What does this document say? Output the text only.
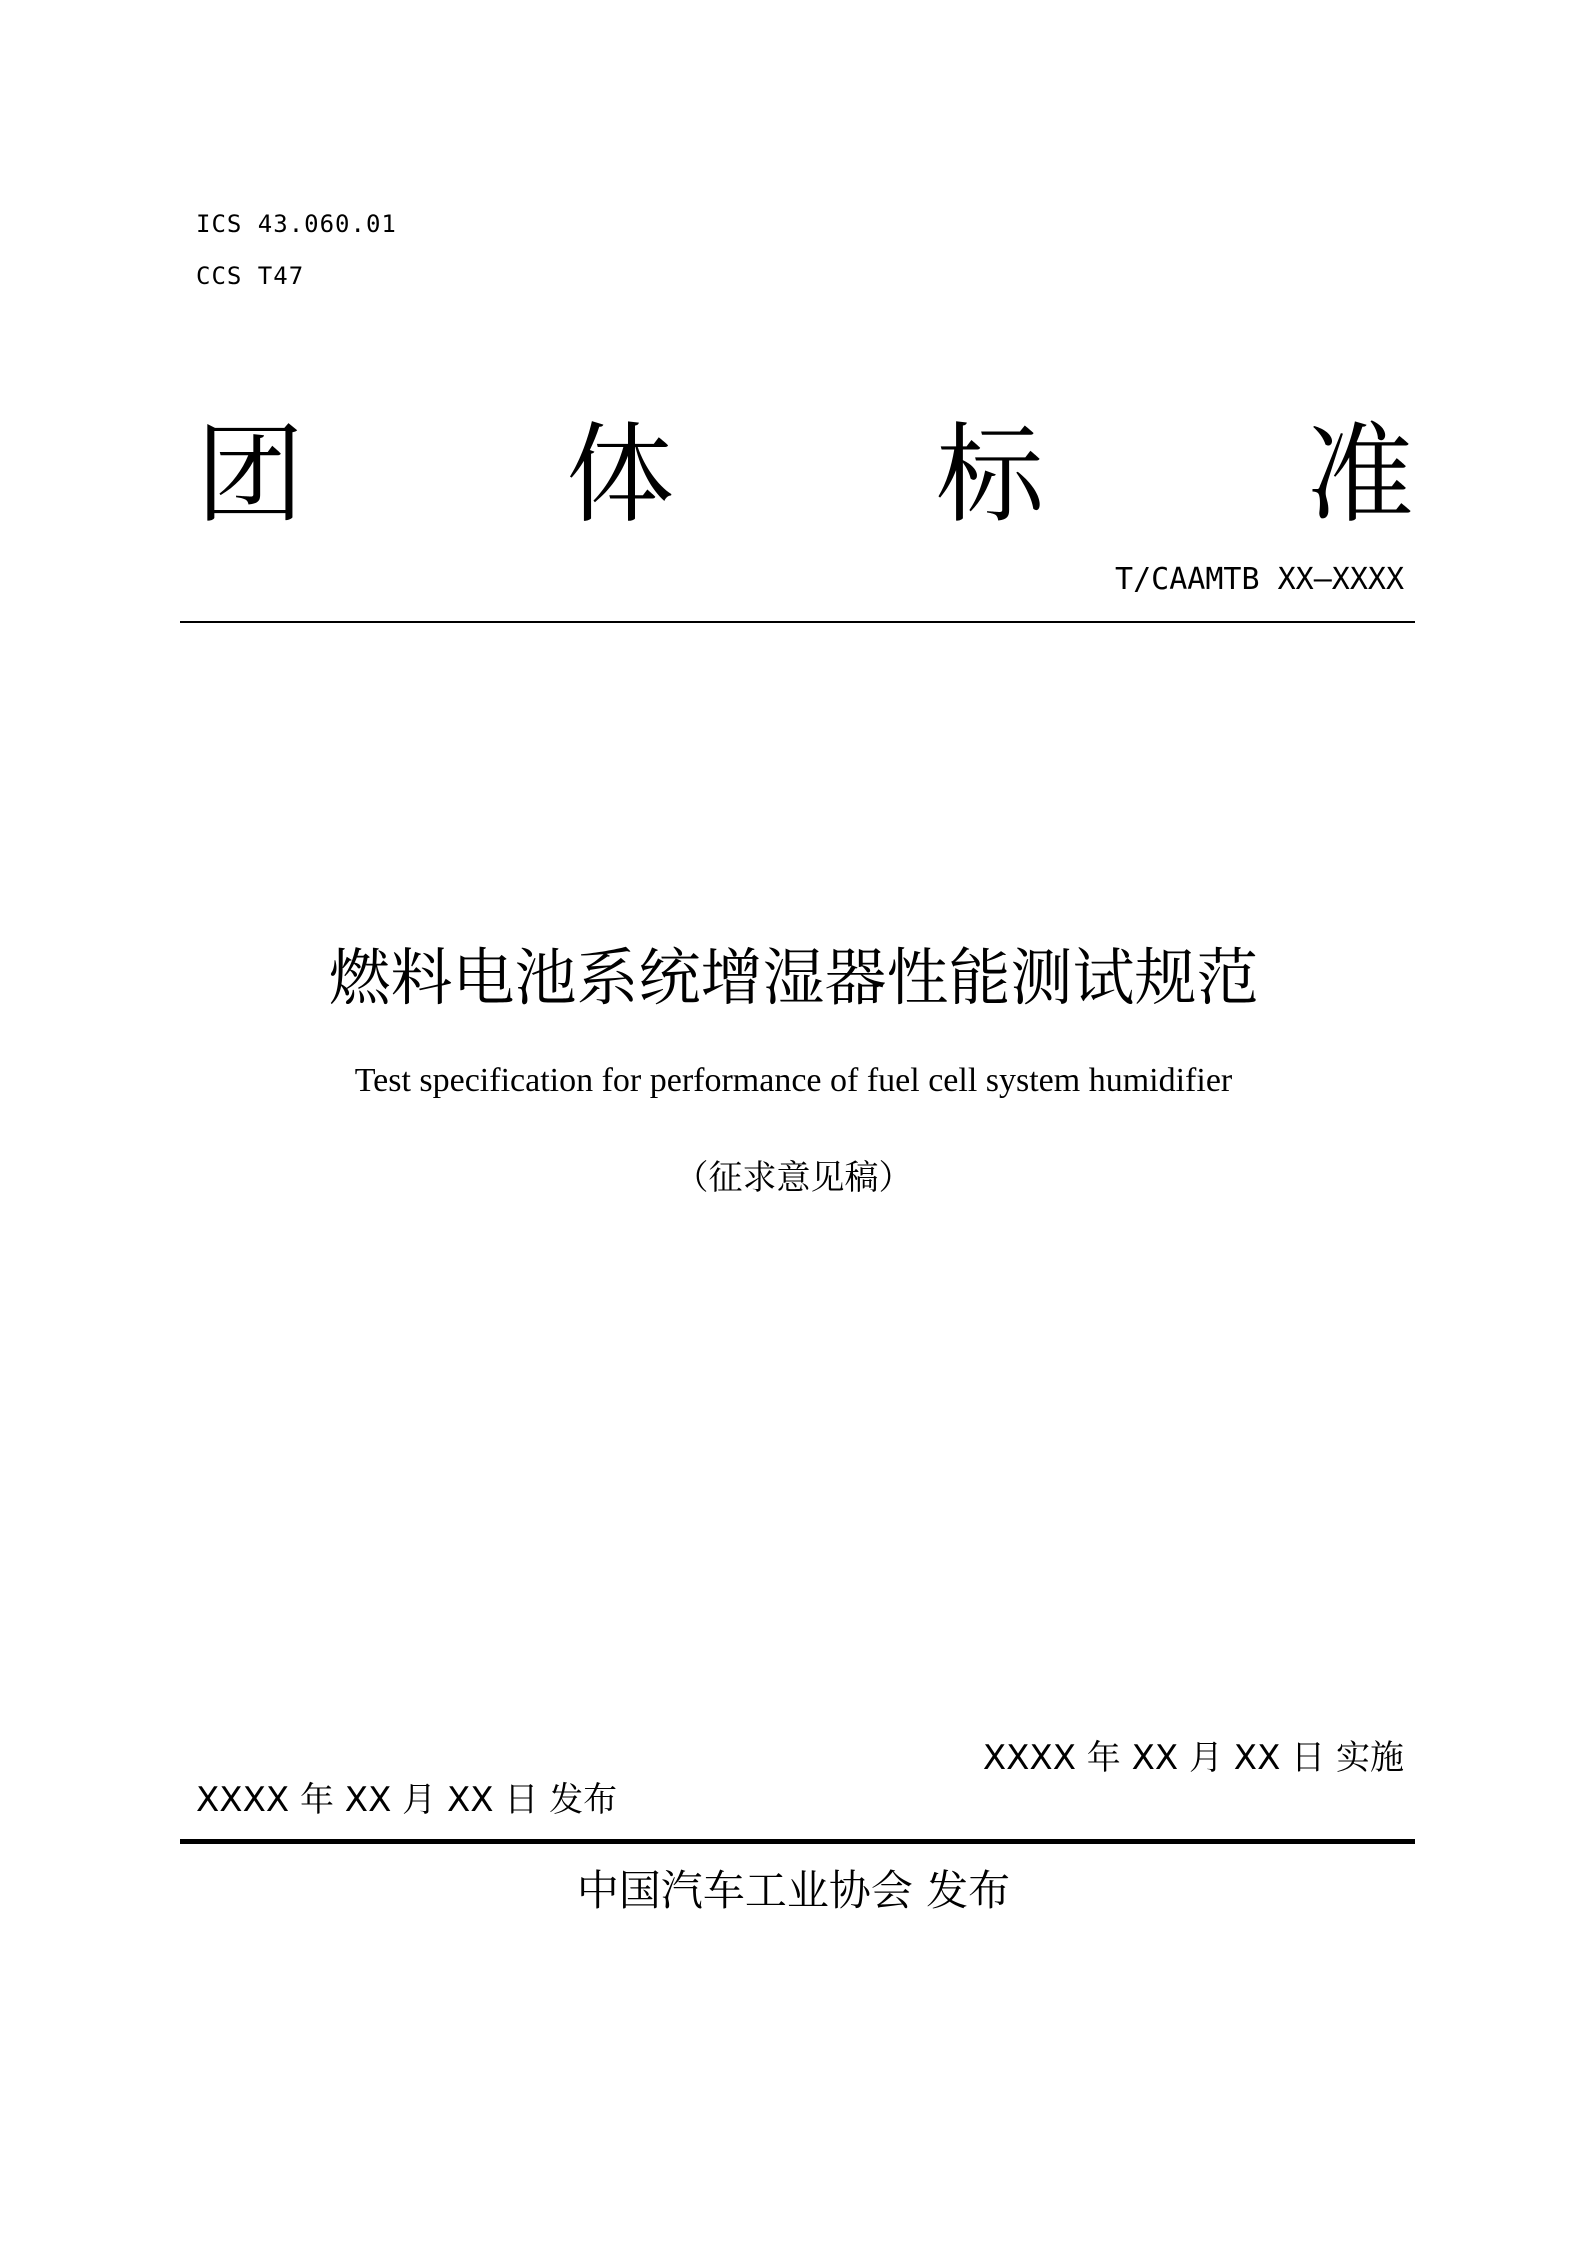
ICS 43.060.01
CCS T47
团 体 标 准
T/CAAMTB XX—XXXX
燃料电池系统增湿器性能测试规范
Test specification for performance of fuel cell system humidifier
（征求意见稿）
XXXX 年 XX 月 XX 日 实施
XXXX 年 XX 月 XX 日 发布
中国汽车工业协会 发布
